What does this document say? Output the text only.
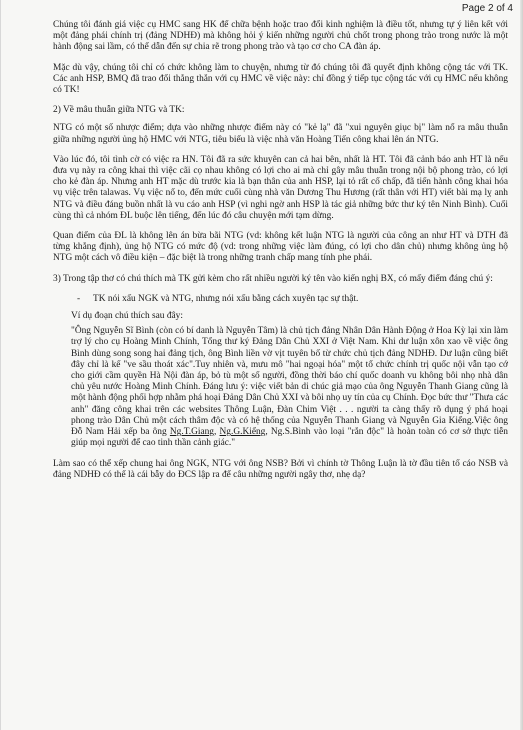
Page 2 of 4

Chúng tôi đánh giá việc cụ HMC sang HK để chữa bệnh hoặc trao đổi kinh nghiệm là điều tốt, nhưng tự ý liên kết với một đảng phái chính trị (đảng NDHĐ) mà không hỏi ý kiến những người chủ chốt trong phong trào trong nước là một hành động sai lầm, có thể dẫn đến sự chia rẽ trong phong trào và tạo cơ cho CA đàn áp.

Mặc dù vậy, chúng tôi chỉ có chức không làm to chuyện, nhưng từ đó chúng tôi đã quyết định không cộng tác với TK. Các anh HSP, BMQ đã trao đổi thẳng thắn với cụ HMC về việc này: chỉ đồng ý tiếp tục cộng tác với cụ HMC nếu không có TK!

2) Về mâu thuẫn giữa NTG và TK:

NTG có một số nhược điểm; dựa vào những nhược điểm này có "kẻ lạ" đã "xui nguyên giục bị" làm nổ ra mâu thuẫn giữa những người ủng hộ HMC với NTG, tiêu biểu là việc nhà văn Hoàng Tiến công khai lên án NTG.

Vào lúc đó, tôi tình cờ có việc ra HN. Tôi đã ra sức khuyên can cả hai bên, nhất là HT. Tôi đã cảnh báo anh HT là nếu đưa vụ này ra công khai thì việc cãi cọ nhau không có lợi cho ai mà chỉ gây mâu thuẫn trong nội bộ phong trào, có lợi cho kẻ đàn áp. Nhưng anh HT mặc dù trước kia là bạn thân của anh HSP, lại tỏ rất cố chấp, đã tiến hành công khai hóa vụ việc trên talawas. Vụ việc nổ to, đến mức cuối cùng nhà văn Dương Thu Hương (rất thân với HT) viết bài mạ lỵ anh NTG và điều đáng buồn nhất là vu cáo anh HSP (vì nghi ngờ anh HSP là tác giả những bức thư ký tên Ninh Bình). Cuối cùng thì cả nhóm ĐL buộc lên tiếng, đến lúc đó câu chuyện mới tạm dừng.

Quan điểm của ĐL là không lên án bừa bãi NTG (vd: không kết luận NTG là người của công an như HT và DTH đã từng khẳng định), ủng hộ NTG có mức độ (vd: trong những việc làm đúng, có lợi cho dân chủ) nhưng không ủng hộ NTG một cách vô điều kiện – đặc biệt là trong những tranh chấp mang tính phe phái.

3) Trong tập thơ có chú thích mà TK gửi kèm cho rất nhiều người ký tên vào kiến nghị BX, có mấy điểm đáng chú ý:

-	TK nói xấu NGK và NTG, nhưng nói xấu bằng cách xuyên tạc sự thật.

Ví dụ đoạn chú thích sau đây:

"Ông Nguyễn Sĩ Bình (còn có bí danh là Nguyễn Tâm) là chủ tịch đảng Nhân Dân Hành Động ở Hoa Kỳ lại xin làm trợ lý cho cụ Hoàng Minh Chính, Tổng thư ký Đảng Dân Chủ XXI ở Việt Nam. Khi dư luận xôn xao về việc ông Bình dùng song song hai đảng tịch, ông Bình liền vờ vịt tuyên bố từ chức chủ tịch đảng NDHĐ. Dư luận cũng biết đây chỉ là kế "ve sầu thoát xác".Tuy nhiên và, mưu mô "hai ngoại hóa" một tổ chức chính trị quốc nội vẫn tạo cớ cho giới cầm quyền Hà Nội đàn áp, bỏ tù một số người, đồng thời báo chí quốc doanh vu không bôi nhọ nhà dân chủ yêu nước Hoàng Minh Chính. Đáng lưu ý: việc viết bản di chúc giả mạo của ông Nguyễn Thanh Giang cũng là một hành động phối hợp nhằm phá hoại Đảng Dân Chủ XXI và bôi nhọ uy tín của cụ Chính. Đọc bức thư "Thưa các anh" đăng công khai trên các websites Thông Luận, Đàn Chim Việt . . . người ta càng thấy rõ dụng ý phá hoại phong trào Dân Chủ một cách thâm độc và có hệ thống của Nguyễn Thanh Giang và Nguyễn Gia Kiểng.Việc ông Đỗ Nam Hải xếp ba ông Ng.T.Giang, Ng.G.Kiểng, Ng.S.Bình vào loại "rắn độc" là hoàn toàn có cơ sở thực tiễn giúp mọi người để cao tinh thần cảnh giác."

Làm sao có thể xếp chung hai ông NGK, NTG với ông NSB? Bởi vì chính tờ Thông Luận là tờ đầu tiên tố cáo NSB và đảng NDHĐ có thể là cái bẫy do ĐCS lập ra để câu những người ngây thơ, nhẹ dạ?
